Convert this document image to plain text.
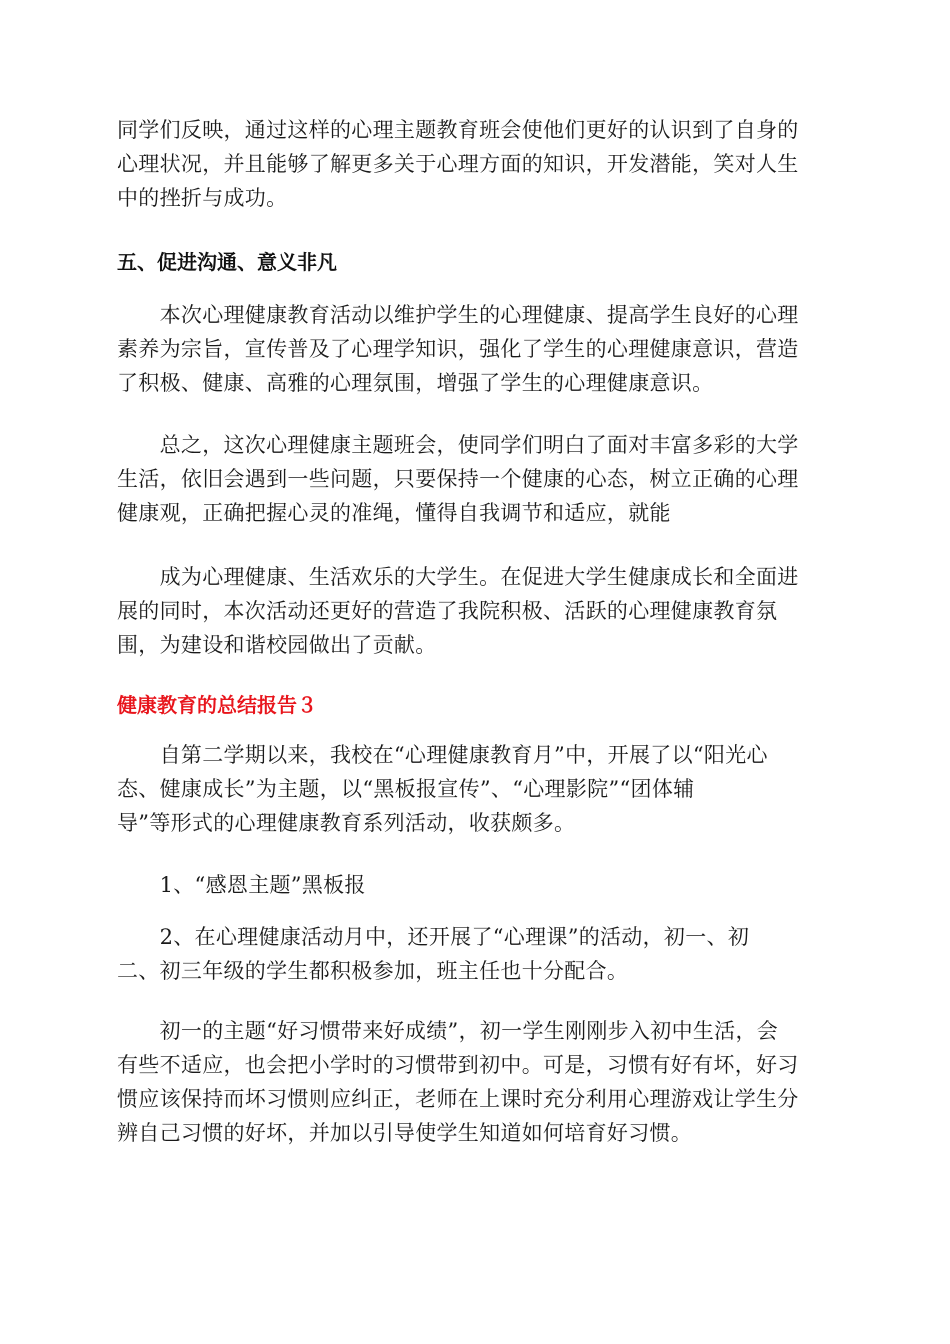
同学们反映，通过这样的心理主题教育班会使他们更好的认识到了自身的
心理状况，并且能够了解更多关于心理方面的知识，开发潜能，笑对人生
中的挫折与成功。
五、促进沟通、意义非凡
　　本次心理健康教育活动以维护学生的心理健康、提高学生良好的心理
素养为宗旨，宣传普及了心理学知识，强化了学生的心理健康意识，营造
了积极、健康、高雅的心理氛围，增强了学生的心理健康意识。
　　总之，这次心理健康主题班会，使同学们明白了面对丰富多彩的大学
生活，依旧会遇到一些问题，只要保持一个健康的心态，树立正确的心理
健康观，正确把握心灵的准绳，懂得自我调节和适应，就能
　　成为心理健康、生活欢乐的大学生。在促进大学生健康成长和全面进
展的同时，本次活动还更好的营造了我院积极、活跃的心理健康教育氛
围，为建设和谐校园做出了贡献。
健康教育的总结报告３
　　自第二学期以来，我校在“心理健康教育月”中，开展了以“阳光心
态、健康成长”为主题，以“黑板报宣传”、“心理影院”“团体辅
导”等形式的心理健康教育系列活动，收获颇多。
　　1、“感恩主题”黑板报
　　2、在心理健康活动月中，还开展了“心理课”的活动，初一、初
二、初三年级的学生都积极参加，班主任也十分配合。
　　初一的主题“好习惯带来好成绩”，初一学生刚刚步入初中生活，会
有些不适应，也会把小学时的习惯带到初中。可是，习惯有好有坏，好习
惯应该保持而坏习惯则应纠正，老师在上课时充分利用心理游戏让学生分
辨自己习惯的好坏，并加以引导使学生知道如何培育好习惯。
